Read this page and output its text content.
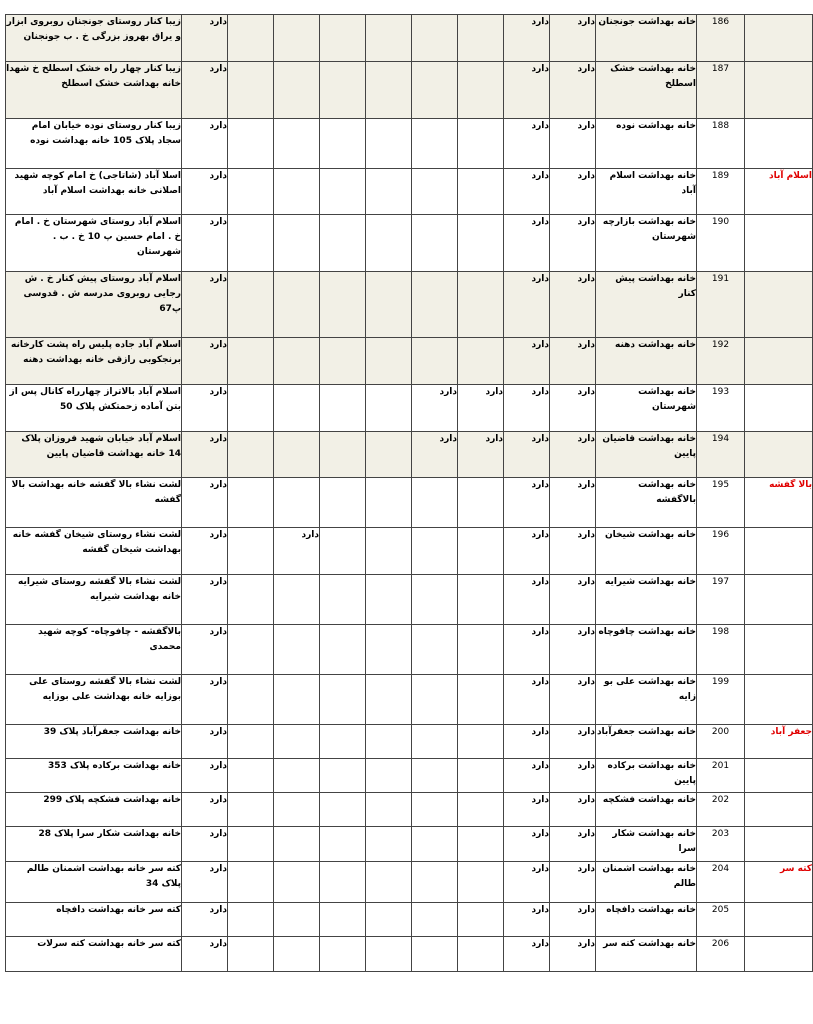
	186	خانه بهداشت جونجنان	دارد	دارد							دارد	زیبا کنار روستای جونجنان روبروی ابزار و یراق بهروز بزرگی خ . ب جونجنان
	187	خانه بهداشت خشک اسطلخ	دارد	دارد							دارد	زیبا کنار چهار راه خشک اسطلخ خ شهدا خانه بهداشت خشک اسطلخ
	188	خانه بهداشت نوده	دارد	دارد							دارد	زیبا کنار روستای نوده خیابان امام سجاد پلاک 105 خانه بهداشت نوده
اسلام آباد	189	خانه بهداشت اسلام آباد	دارد	دارد							دارد	اسلا آباد (شاتاجی) خ امام کوچه شهید اصلانی خانه بهداشت اسلام آباد
	190	خانه بهداشت بازارچه شهرستان	دارد	دارد							دارد	اسلام آباد روستای شهرستان خ . امام خ . امام حسین پ 10 خ . ب . شهرستان
	191	خانه بهداشت پیش کنار	دارد	دارد							دارد	اسلام آباد روستای پیش کنار خ . ش رجایی روبروی مدرسه ش . قدوسی پ67
	192	خانه بهداشت دهنه	دارد	دارد							دارد	اسلام آباد جاده پلیس راه پشت کارخانه برنجکوبی رازقی خانه بهداشت دهنه
	193	خانه بهداشت شهرستان	دارد	دارد	دارد	دارد					دارد	اسلام آباد بالاتراز چهارراه کانال پس از بتن آماده زحمتکش پلاک 50
	194	خانه بهداشت قاضیان پایین	دارد	دارد	دارد	دارد					دارد	اسلام آباد خیابان شهید فروزان پلاک 14 خانه بهداشت قاضیان پایین
بالا گفشه	195	خانه بهداشت بالاگفشه	دارد	دارد							دارد	لشت نشاء بالا گفشه خانه بهداشت بالا گفشه
	196	خانه بهداشت شیخان	دارد	دارد					دارد		دارد	لشت نشاء روستای شیخان گفشه خانه بهداشت شیخان گفشه
	197	خانه بهداشت شیرایه	دارد	دارد							دارد	لشت نشاء بالا گفشه روستای شیرایه خانه بهداشت شیرایه
	198	خانه بهداشت چافوچاه	دارد	دارد							دارد	بالاگفشه - چافوچاه- کوچه شهید محمدی
	199	خانه بهداشت علی بو زایه	دارد	دارد							دارد	لشت نشاء بالا گفشه روستای علی بوزایه خانه بهداشت علی بوزایه
جعفر آباد	200	خانه بهداشت جعفرآباد	دارد	دارد							دارد	خانه بهداشت جعفرآباد پلاک 39
	201	خانه بهداشت برکاده پایین	دارد	دارد							دارد	خانه بهداشت برکاده پلاک 353
	202	خانه بهداشت فشکچه	دارد	دارد							دارد	خانه بهداشت فشکچه پلاک 299
	203	خانه بهداشت شکار سرا	دارد	دارد							دارد	خانه بهداشت شکار سرا پلاک 28
کته سر	204	خانه بهداشت اشمنان طالم	دارد	دارد							دارد	کته سر خانه بهداشت اشمنان طالم پلاک 34
	205	خانه بهداشت دافچاه	دارد	دارد							دارد	کته سر خانه بهداشت دافچاه
	206	خانه بهداشت کته سر	دارد	دارد							دارد	کته سر خانه بهداشت کته سرلات
